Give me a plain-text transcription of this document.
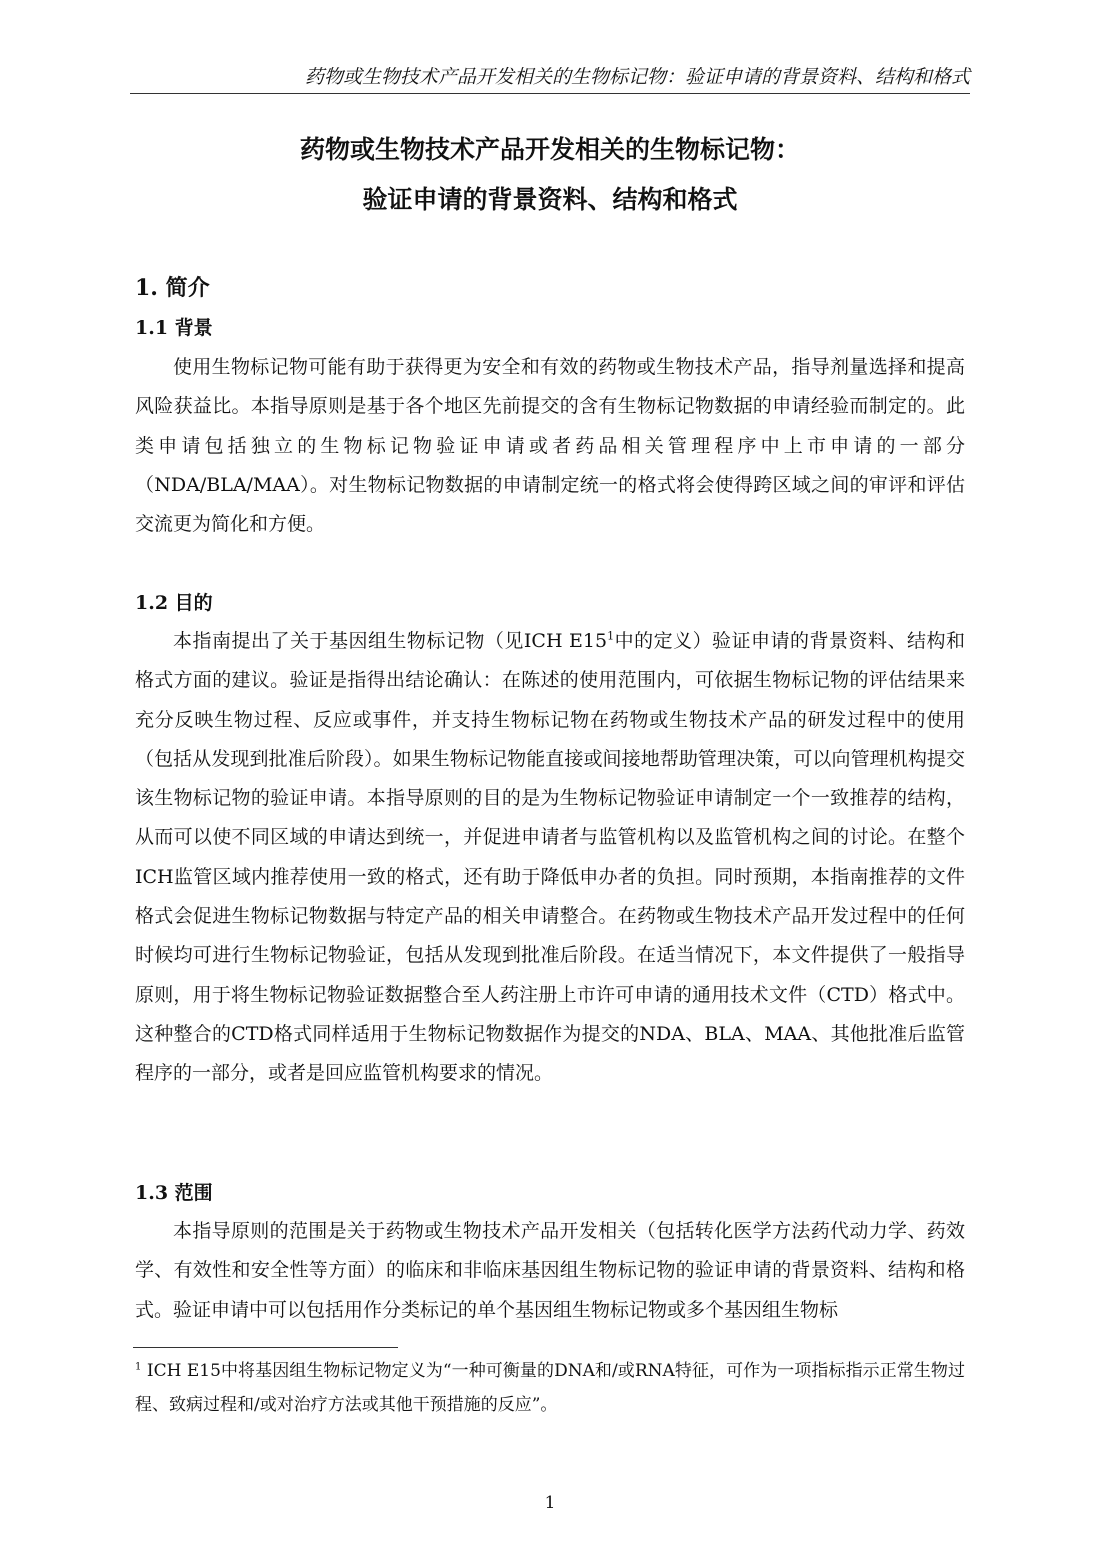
药物或生物技术产品开发相关的生物标记物：验证申请的背景资料、结构和格式
药物或生物技术产品开发相关的生物标记物：
验证申请的背景资料、结构和格式
1. 简介
1.1 背景

使用生物标记物可能有助于获得更为安全和有效的药物或生物技术产品，指导剂量选择和提高风险获益比。本指导原则是基于各个地区先前提交的含有生物标记物数据的申请经验而制定的。此类申请包括独立的生物标记物验证申请或者药品相关管理程序中上市申请的一部分（NDA/BLA/MAA）。对生物标记物数据的申请制定统一的格式将会使得跨区域之间的审评和评估交流更为简化和方便。

1.2 目的

本指南提出了关于基因组生物标记物（见ICH $E15^1$中的定义）验证申请的背景资料、结构和格式方面的建议。验证是指得出结论确认：在陈述的使用范围内，可依据生物标记物的评估结果来充分反映生物过程、反应或事件，并支持生物标记物在药物或生物技术产品的研发过程中的使用（包括从发现到批准后阶段）。如果生物标记物能直接或间接地帮助管理决策，可以向管理机构提交该生物标记物的验证申请。本指导原则的目的是为生物标记物验证申请制定一个一致推荐的结构，从而可以使不同区域的申请达到统一，并促进申请者与监管机构以及监管机构之间的讨论。在整个ICH监管区域内推荐使用一致的格式，还有助于降低申办者的负担。同时预期，本指南推荐的文件格式会促进生物标记物数据与特定产品的相关申请整合。在药物或生物技术产品开发过程中的任何时候均可进行生物标记物验证，包括从发现到批准后阶段。在适当情况下，本文件提供了一般指导原则，用于将生物标记物验证数据整合至人药注册上市许可申请的通用技术文件（CTD）格式中。这种整合的CTD格式同样适用于生物标记物数据作为提交的NDA、BLA、MAA、其他批准后监管程序的一部分，或者是回应监管机构要求的情况。

1.3 范围

本指导原则的范围是关于药物或生物技术产品开发相关（包括转化医学方法药代动力学、药效学、有效性和安全性等方面）的临床和非临床基因组生物标记物的验证申请的背景资料、结构和格式。验证申请中可以包括用作分类标记的单个基因组生物标记物或多个基因组生物标

$^1$ ICH E15中将基因组生物标记物定义为“一种可衡量的DNA和/或RNA特征，可作为一项指标指示正常生物过程、致病过程和/或对治疗方法或其他干预措施的反应”。

1
